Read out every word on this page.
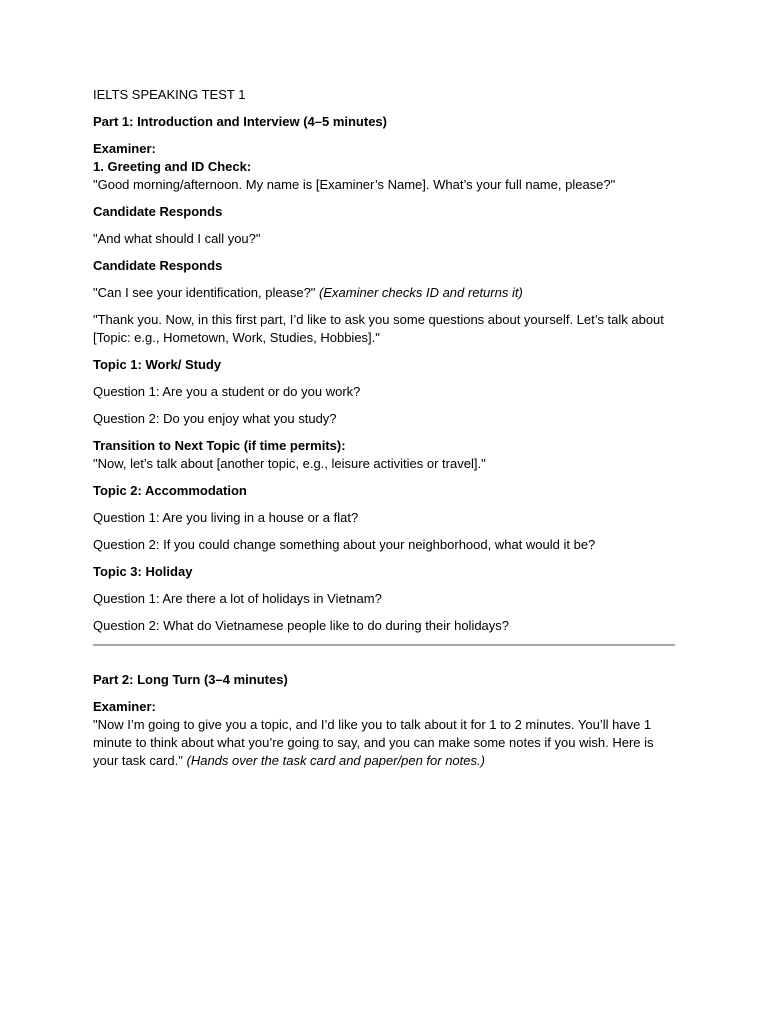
IELTS SPEAKING TEST 1

Part 1: Introduction and Interview (4–5 minutes)

Examiner:
1. Greeting and ID Check:
"Good morning/afternoon. My name is [Examiner’s Name]. What’s your full name, please?"

Candidate Responds

"And what should I call you?"

Candidate Responds

"Can I see your identification, please?" (Examiner checks ID and returns it)

"Thank you. Now, in this first part, I’d like to ask you some questions about yourself. Let’s talk about [Topic: e.g., Hometown, Work, Studies, Hobbies]."

Topic 1: Work/ Study

Question 1: Are you a student or do you work?

Question 2: Do you enjoy what you study?

Transition to Next Topic (if time permits):
"Now, let’s talk about [another topic, e.g., leisure activities or travel]."

Topic 2: Accommodation

Question 1: Are you living in a house or a flat?

Question 2: If you could change something about your neighborhood, what would it be?

Topic 3: Holiday

Question 1: Are there a lot of holidays in Vietnam?

Question 2: What do Vietnamese people like to do during their holidays?

Part 2: Long Turn (3–4 minutes)

Examiner:
"Now I’m going to give you a topic, and I’d like you to talk about it for 1 to 2 minutes. You’ll have 1 minute to think about what you’re going to say, and you can make some notes if you wish. Here is your task card." (Hands over the task card and paper/pen for notes.)
